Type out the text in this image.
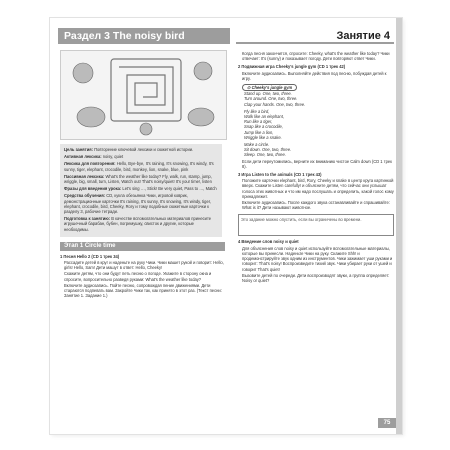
Раздел 3 The noisy bird	Занятие 4

Цель занятия: Повторение ключевой лексики и сюжетной истории.

Активная лексика: noisy, quiet

Лексика для повторения: Hello, Bye-bye, It's raining, It's snowing, It's windy, It's sunny, tiger, elephant, crocodile, bird, monkey, lion, snake, blue, pink

Пассивная лексика: What's the weather like today? Fly, walk, run, stamp, jump, wriggle, big, small, turn, Listen, Watch out! That's noisy/quiet! It's your time!, listen

Фразы для введения урока: Let's sing …, Stick! Be very quiet, Pass to …, Match

Средства обучения: CD, кукла обезьянка Чики, игровой коврик, демонстрационные карточки It's raining, It's sunny, It's snowing, It's windy, tiger, elephant, crocodile, bird, Cheeky, Rory и тому подобные сюжетные карточки к разделу 3, рабочие тетради.

Подготовка к занятию: В качестве вспомогательных материалов принесите игрушечный барабан, бубен, погремушку, свисток и другие, которые необходимы.

Этап 1 Circle time
1 Песня Hello 2 (CD 1 трек 34)
Рассадите детей в круг и наденьте на руку Чики. Чики машет рукой и говорит: Hello, girls! Hello, Sam! Дети машут в ответ: Hello, Cheeky!
Скажите детям, что они будут петь песню о погоде. Укажите в сторону окна и спросите, вопросительно разведя руками: What's the weather like today?
Включите аудиозапись. Пойте песню, сопровождая пение движениями. Дети стараются подпевать вам. Закройте Чики так, как принято в этот раз. (Текст песни: Занятие 1. Задание 1.)
Когда песня закончится, спросите: Cheeky, what's the weather like today? Чики отвечает: It's (sunny) и показывает погоду. Дети повторяют ответ Чики.
2 Подвижная игра Cheeky's jungle gym (CD 1 трек 42)
Включите аудиозапись. Выполняйте действия под песню, побуждая детей к игру.
⊙ Cheeky's jungle gym
Stand up. One, two, three.
Turn around. One, two, three.
Clap your hands. One, two, three.
Fly like a bird,
Walk like an elephant,
Run like a tiger,
Snap like a crocodile,
Jump like a lion,
Wriggle like a snake.
Make a circle.
Sit down. One, two, three.
Sleep. One, two, three.
Если дети переутомились, верните их вниманию чистое Calm down (CD 1 трек 8).
3 Игра Listen to the animals (CD 1 трек 43)
Положите карточки elephant, bird, Rory, Cheeky и snake в центр круга картинкой вверх. Скажите Listen carefully! и объясните детям, что сейчас они услышат голоса этих животных и что им надо послушать и определить, какой голос кому принадлежит.
Включите аудиозапись. После каждого звука останавливайте и спрашивайте: What is it? Дети называют животное.
Это задание можно опустить, если вы ограничены во времени.
4 Введение слов noisy и quiet
Для объяснения слов noisy и quiet используйте вспомогательные материалы, которые вы принесли. Наденьте Чики на руку. Скажите Shh! и продемонстрируйте звук одним из инструментов. Чики зажимает уши руками и говорит: That's noisy! Воспроизведите тихий звук. Чики убирает руки от ушей и говорит That's quiet!
Вызовите детей по очереди. Дети воспроизводят звуки, а группа определяет: Noisy or quiet?
75
